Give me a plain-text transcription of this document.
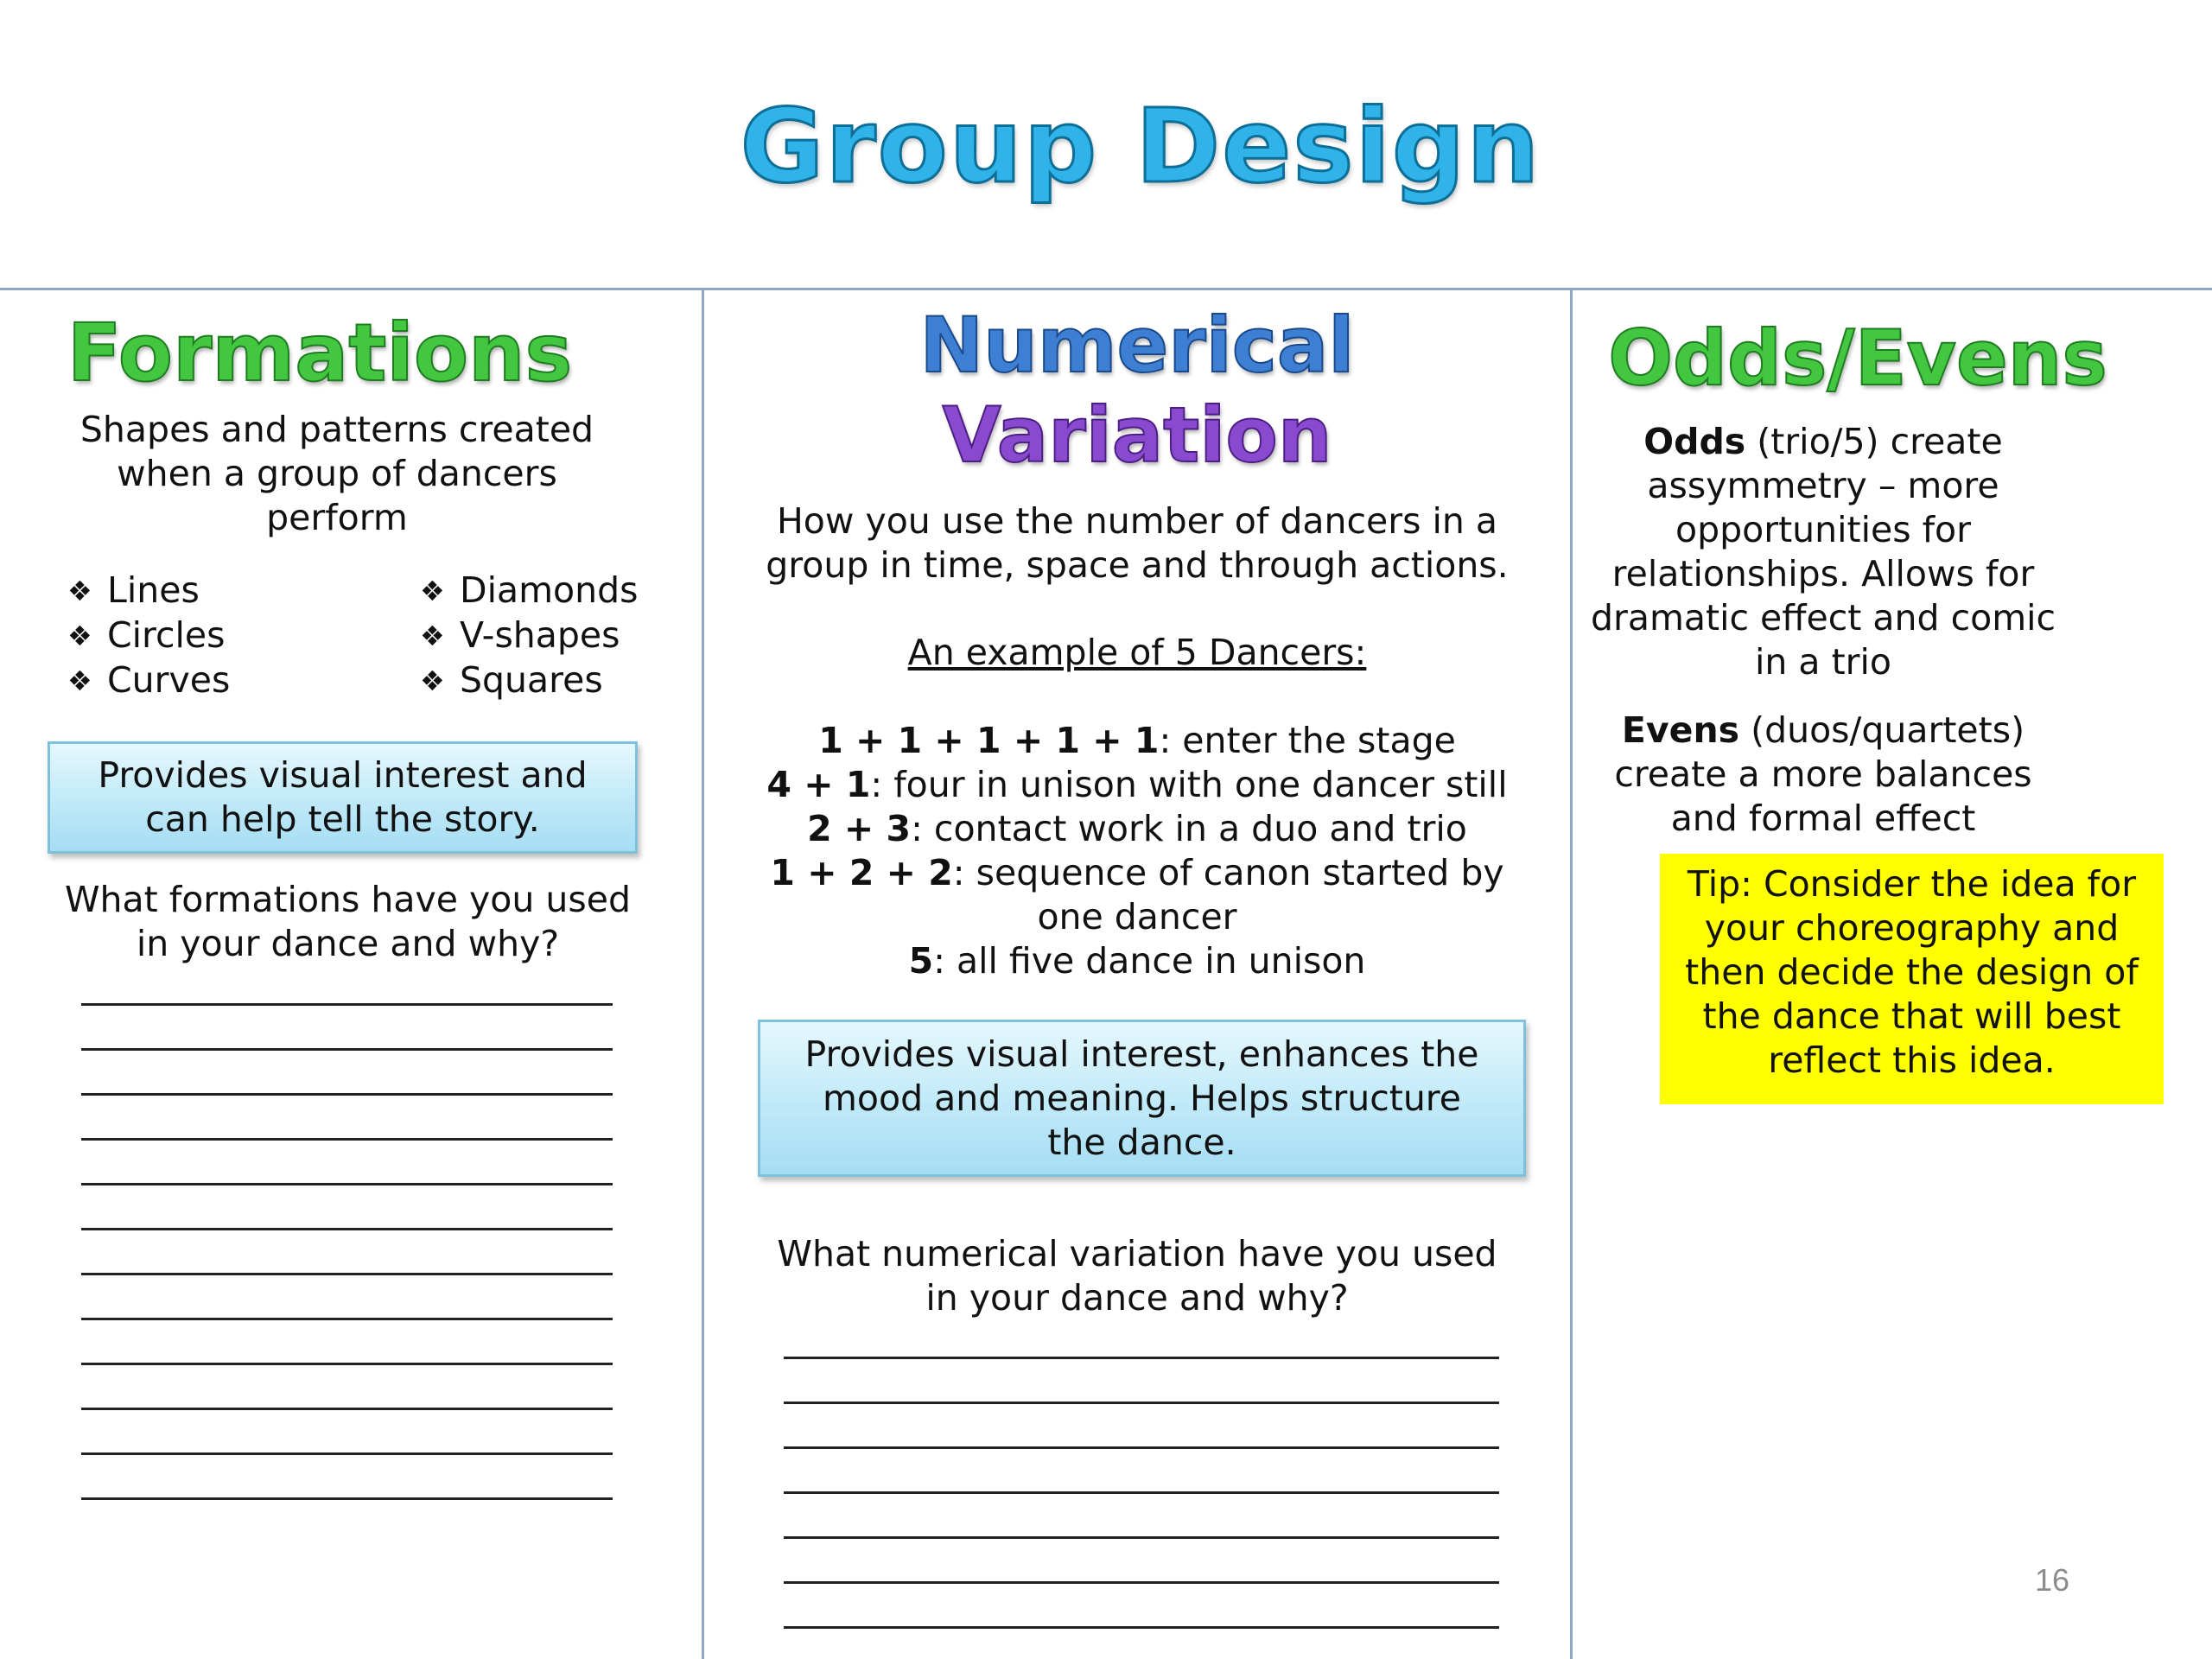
Group Design
Formations
Shapes and patterns created when a group of dancers perform
❖ Lines
❖ Circles
❖ Curves
❖ Diamonds
❖ V-shapes
❖ Squares
Provides visual interest and can help tell the story.
What formations have you used in your dance and why?
Numerical
Variation
How you use the number of dancers in a group in time, space and through actions.
An example of 5 Dancers:
1 + 1 + 1 + 1 + 1: enter the stage
4 + 1: four in unison with one dancer still
2 + 3: contact work in a duo and trio
1 + 2 + 2: sequence of canon started by one dancer
5: all five dance in unison
Provides visual interest, enhances the mood and meaning. Helps structure the dance.
What numerical variation have you used in your dance and why?
Odds/Evens
Odds (trio/5) create assymmetry – more opportunities for relationships. Allows for dramatic effect and comic in a trio
Evens (duos/quartets) create a more balances and formal effect
Tip: Consider the idea for your choreography and then decide the design of the dance that will best reflect this idea.
16
